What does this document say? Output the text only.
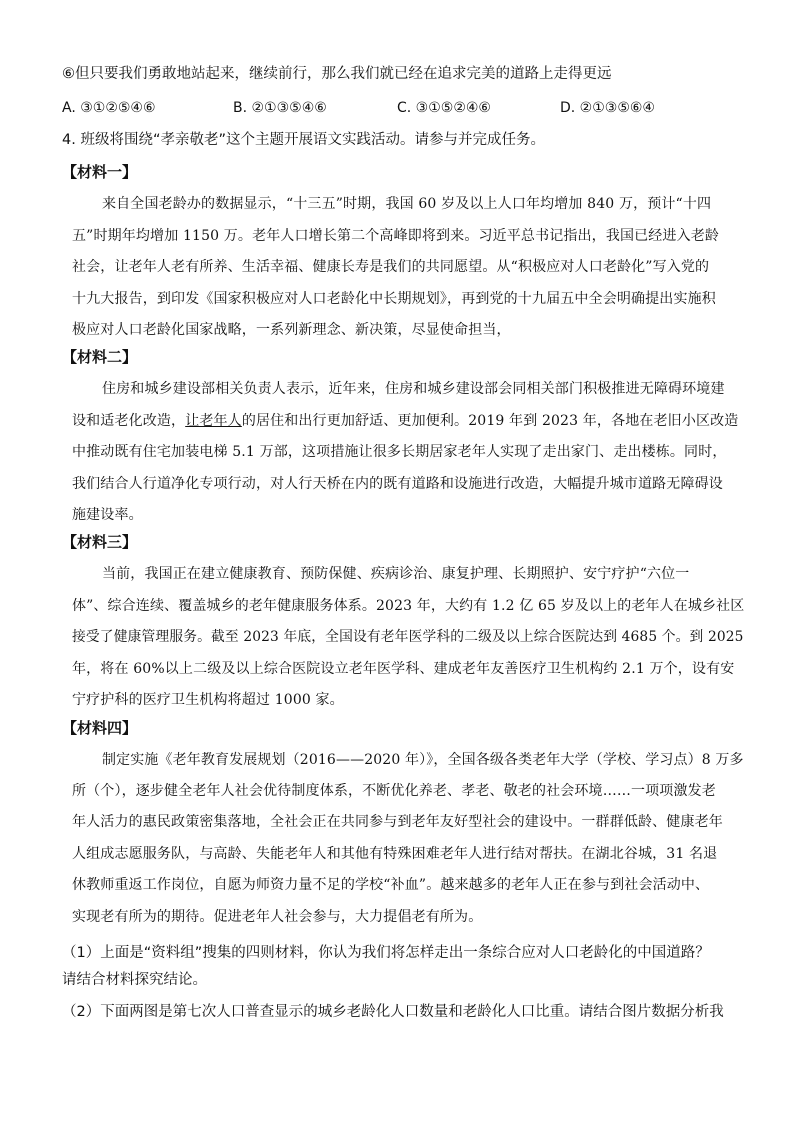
⑥但只要我们勇敢地站起来，继续前行，那么我们就已经在追求完美的道路上走得更远
A. ③①②⑤④⑥	B. ②①③⑤④⑥	C. ③①⑤②④⑥	D. ②①③⑤⑥④
4. 班级将围绕“孝亲敬老”这个主题开展语文实践活动。请参与并完成任务。
【材料一】
来自全国老龄办的数据显示，“十三五”时期，我国 60 岁及以上人口年均增加 840 万，预计“十四
五”时期年均增加 1150 万。老年人口增长第二个高峰即将到来。习近平总书记指出，我国已经进入老龄
社会，让老年人老有所养、生活幸福、健康长寿是我们的共同愿望。从“积极应对人口老龄化”写入党的
十九大报告，到印发《国家积极应对人口老龄化中长期规划》，再到党的十九届五中全会明确提出实施积
极应对人口老龄化国家战略，一系列新理念、新决策，尽显使命担当，
【材料二】
住房和城乡建设部相关负责人表示，近年来，住房和城乡建设部会同相关部门积极推进无障碍环境建
设和适老化改造，让老年人的居住和出行更加舒适、更加便利。2019 年到 2023 年，各地在老旧小区改造
中推动既有住宅加装电梯 5.1 万部，这项措施让很多长期居家老年人实现了走出家门、走出楼栋。同时，
我们结合人行道净化专项行动，对人行天桥在内的既有道路和设施进行改造，大幅提升城市道路无障碍设
施建设率。
【材料三】
当前，我国正在建立健康教育、预防保健、疾病诊治、康复护理、长期照护、安宁疗护“六位一
体”、综合连续、覆盖城乡的老年健康服务体系。2023 年，大约有 1.2 亿 65 岁及以上的老年人在城乡社区
接受了健康管理服务。截至 2023 年底，全国设有老年医学科的二级及以上综合医院达到 4685 个。到 2025
年，将在 60%以上二级及以上综合医院设立老年医学科、建成老年友善医疗卫生机构约 2.1 万个，设有安
宁疗护科的医疗卫生机构将超过 1000 家。
【材料四】
制定实施《老年教育发展规划（2016——2020 年）》，全国各级各类老年大学（学校、学习点）8 万多
所（个），逐步健全老年人社会优待制度体系，不断优化养老、孝老、敬老的社会环境……一项项激发老
年人活力的惠民政策密集落地，全社会正在共同参与到老年友好型社会的建设中。一群群低龄、健康老年
人组成志愿服务队，与高龄、失能老年人和其他有特殊困难老年人进行结对帮扶。在湖北谷城，31 名退
休教师重返工作岗位，自愿为师资力量不足的学校“补血”。越来越多的老年人正在参与到社会活动中、
实现老有所为的期待。促进老年人社会参与，大力提倡老有所为。
（1）上面是“资料组”搜集的四则材料，你认为我们将怎样走出一条综合应对人口老龄化的中国道路？
请结合材料探究结论。
（2）下面两图是第七次人口普查显示的城乡老龄化人口数量和老龄化人口比重。请结合图片数据分析我
